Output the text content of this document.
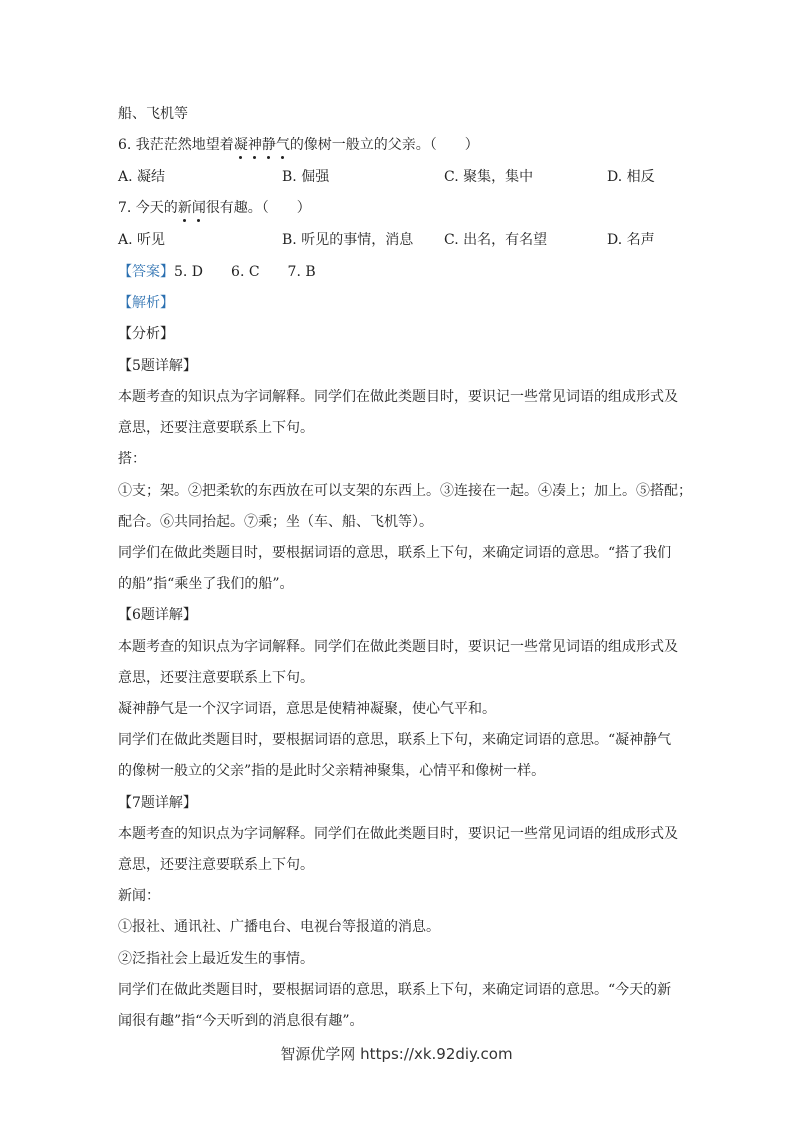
船、飞机等
6. 我茫茫然地望着凝神静气的像树一般立的父亲。（　　）
A. 凝结	B. 倔强	C. 聚集，集中	D. 相反
7. 今天的新闻很有趣。（　　）
A. 听见	B. 听见的事情，消息 C. 出名，有名望	D. 名声
【答案】5. D　　6. C　　7. B
【解析】
【分析】
【5题详解】
本题考查的知识点为字词解释。同学们在做此类题目时，要识记一些常见词语的组成形式及
意思，还要注意要联系上下句。
搭：
①支；架。②把柔软的东西放在可以支架的东西上。③连接在一起。④凑上；加上。⑤搭配；
配合。⑥共同抬起。⑦乘；坐（车、船、飞机等）。
同学们在做此类题目时，要根据词语的意思，联系上下句，来确定词语的意思。“搭了我们
的船”指“乘坐了我们的船”。
【6题详解】
本题考查的知识点为字词解释。同学们在做此类题目时，要识记一些常见词语的组成形式及
意思，还要注意要联系上下句。
凝神静气是一个汉字词语，意思是使精神凝聚，使心气平和。
同学们在做此类题目时，要根据词语的意思，联系上下句，来确定词语的意思。“凝神静气
的像树一般立的父亲”指的是此时父亲精神聚集，心情平和像树一样。
【7题详解】
本题考查的知识点为字词解释。同学们在做此类题目时，要识记一些常见词语的组成形式及
意思，还要注意要联系上下句。
新闻：
①报社、通讯社、广播电台、电视台等报道的消息。
②泛指社会上最近发生的事情。
同学们在做此类题目时，要根据词语的意思，联系上下句，来确定词语的意思。“今天的新
闻很有趣”指“今天听到的消息很有趣”。
智源优学网 https://xk.92diy.com
